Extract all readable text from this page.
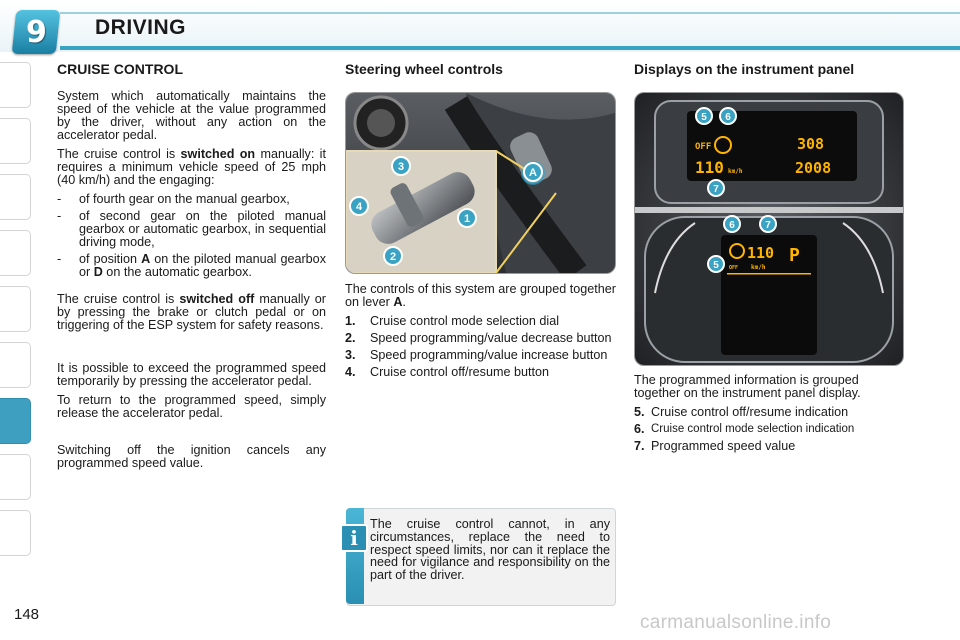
9 DRIVING
CRUISE CONTROL

System which automatically maintains the speed of the vehicle at the value programmed by the driver, without any action on the accelerator pedal.

The cruise control is switched on manually: it requires a minimum vehicle speed of 25 mph (40 km/h) and the engaging:

-	of fourth gear on the manual gearbox,
-	of second gear on the piloted manual gearbox or automatic gearbox, in sequential driving mode,
-	of position A on the piloted manual gearbox or D on the automatic gearbox.

The cruise control is switched off manually or by pressing the brake or clutch pedal or on triggering of the ESP system for safety reasons.

It is possible to exceed the programmed speed temporarily by pressing the accelerator pedal.

To return to the programmed speed, simply release the accelerator pedal.

Switching off the ignition cancels any programmed speed value.

Steering wheel controls
3
4
1
2
A

The controls of this system are grouped together on lever A.

1.	Cruise control mode selection dial
2.	Speed programming/value decrease button
3.	Speed programming/value increase button
4.	Cruise control off/resume button
i
The cruise control cannot, in any circumstances, replace the need to respect speed limits, nor can it replace the need for vigilance and responsibility on the part of the driver.
Displays on the instrument panel
OFF
110 km/h
308
2008
110
km/h
P
OFF
5 6
7
6	7
5

The programmed information is grouped together on the instrument panel display.

5. Cruise control off/resume indication
6. Cruise control mode selection indication
7. Programmed speed value
148	carmanualsonline.info
